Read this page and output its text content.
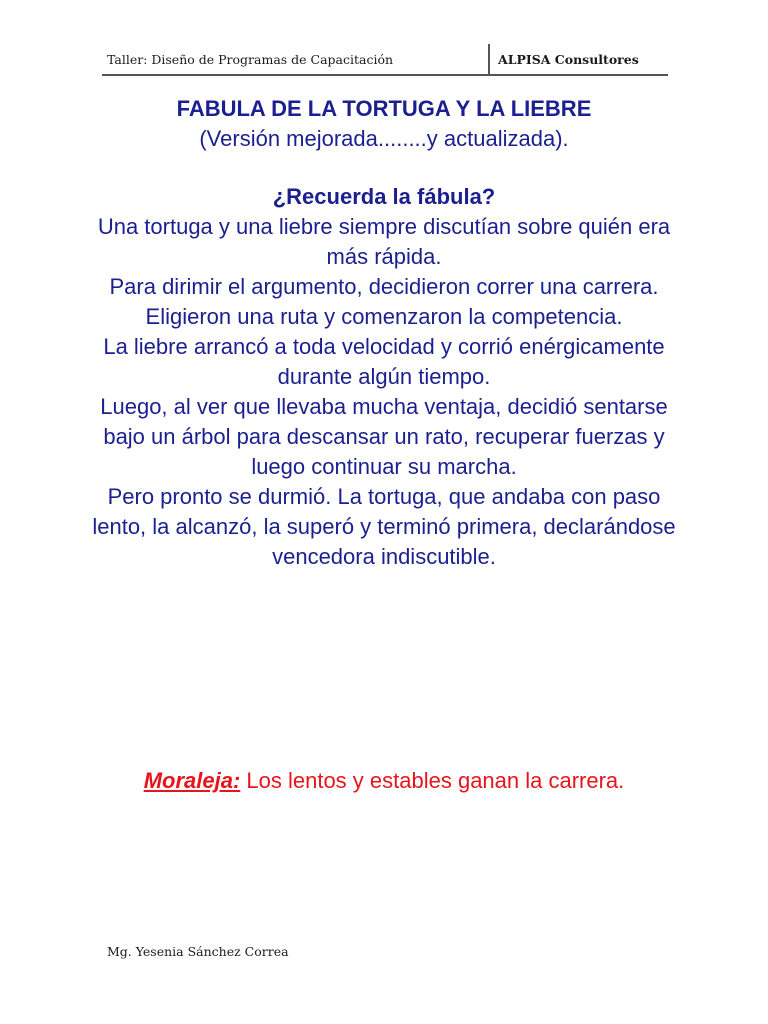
Taller: Diseño de Programas de Capacitación	ALPISA Consultores

FABULA DE LA TORTUGA Y LA LIEBRE

(Versión mejorada........y actualizada).

¿Recuerda la fábula?

Una tortuga y una liebre siempre discutían sobre quién era más rápida.

Para dirimir el argumento, decidieron correr una carrera.

Eligieron una ruta y comenzaron la competencia.

La liebre arrancó a toda velocidad y corrió enérgicamente durante algún tiempo.

Luego, al ver que llevaba mucha ventaja, decidió sentarse bajo un árbol para descansar un rato, recuperar fuerzas y luego continuar su marcha.

Pero pronto se durmió. La tortuga, que andaba con paso lento, la alcanzó, la superó y terminó primera, declarándose vencedora indiscutible.

Moraleja: Los lentos y estables ganan la carrera.
Mg. Yesenia Sánchez Correa
